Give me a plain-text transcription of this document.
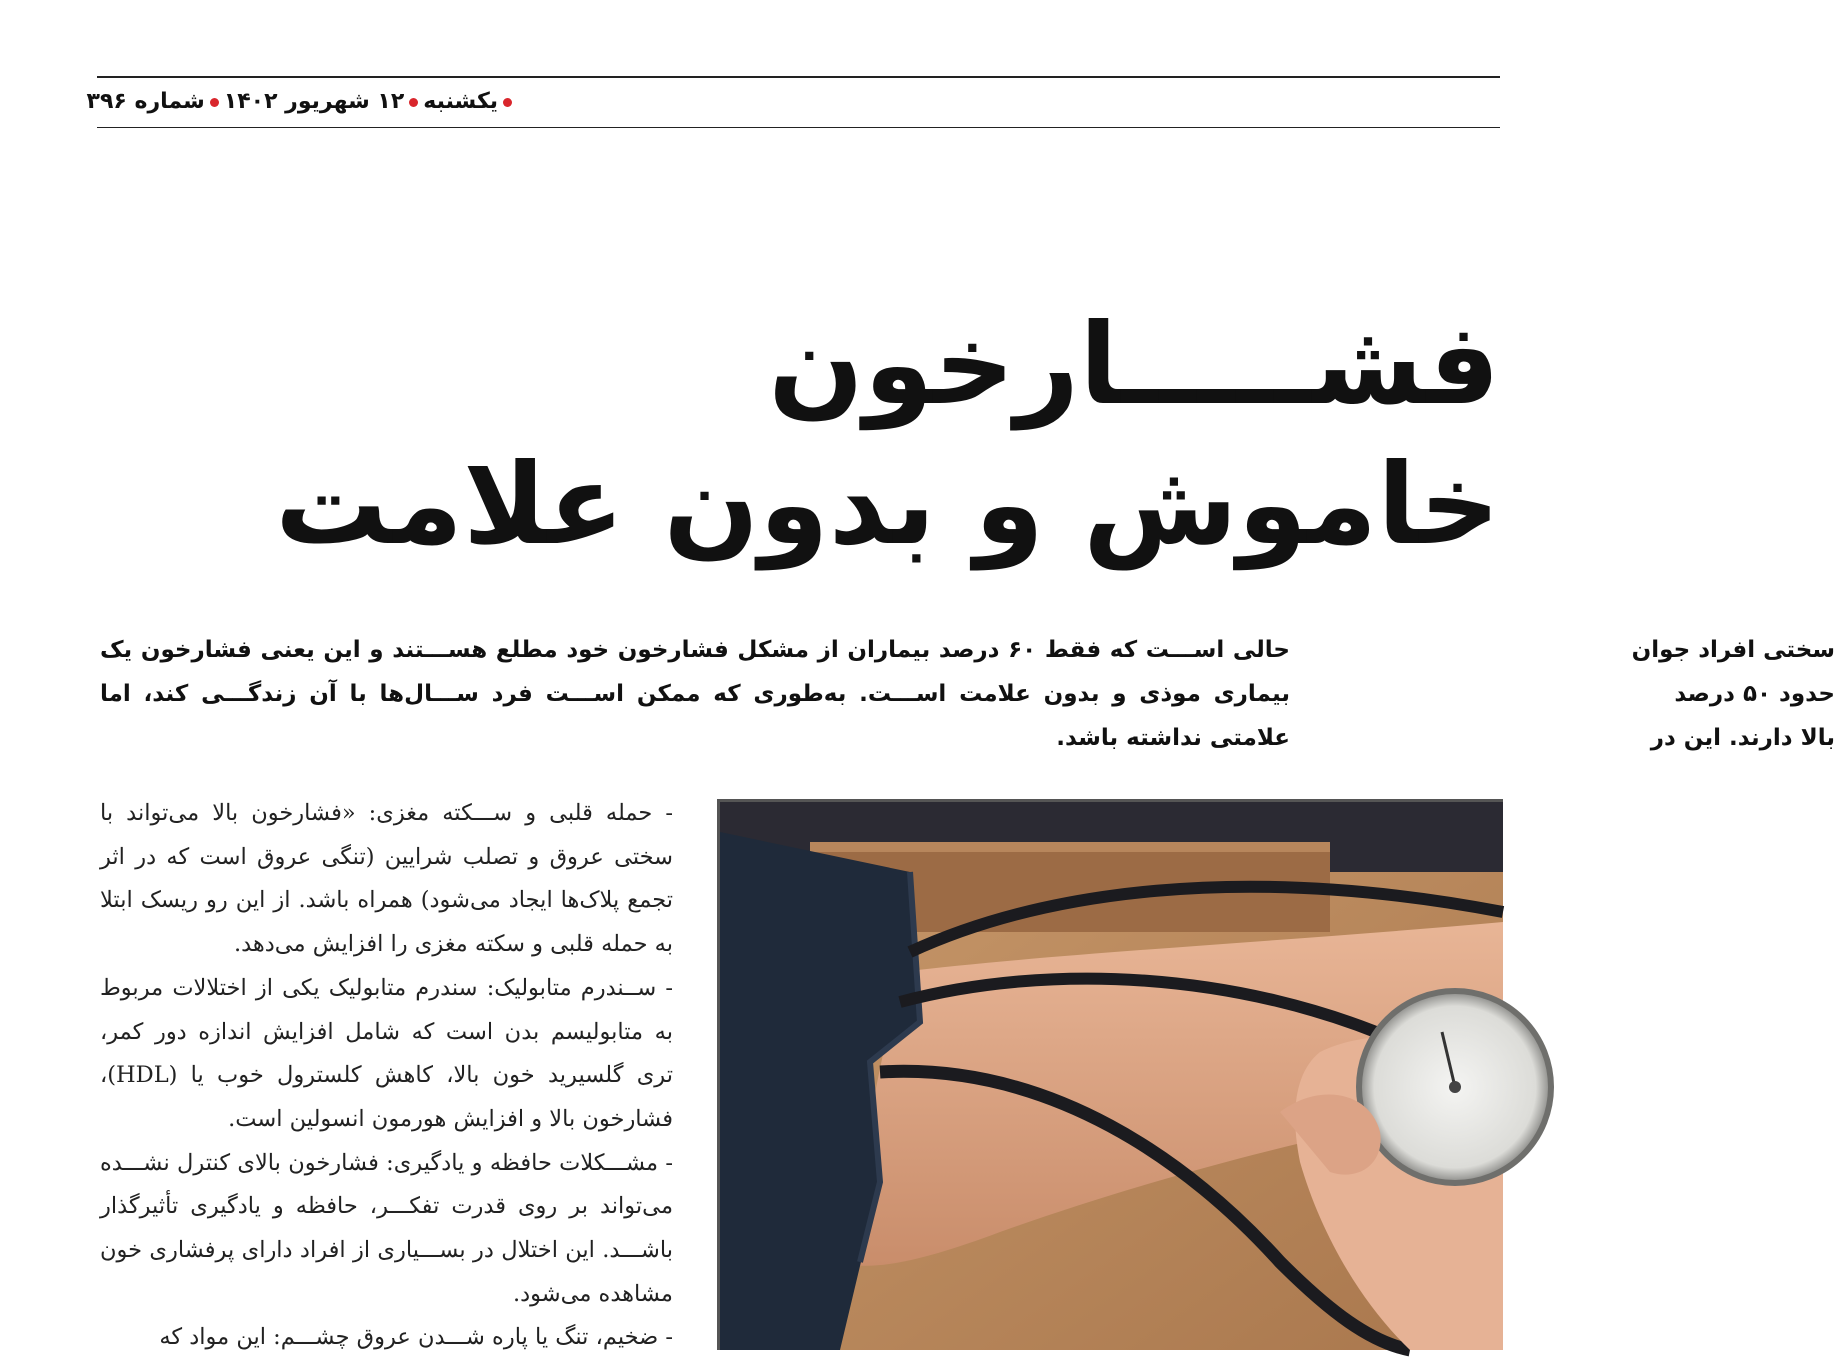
یکشنبه۱۲ شهریور ۱۴۰۲شماره ۳۹۶
فشـــــارخون
خاموش و بدون علامت
حالی اســـت که فقط ۶۰ درصد بیماران از مشکل فشارخون خود مطلع هســـتند و این یعنی فشارخون یک بیماری موذی و بدون علامت اســـت. به‌طوری که ممکن اســـت فرد ســـال‌ها با آن زندگـــی کند، اما علامتی نداشته باشد.
سختی افراد جوان
حدود ۵۰ درصد
بالا دارند. این در

- حمله قلبی و ســـکته مغزی: «فشارخون بالا می‌تواند با سختی عروق و تصلب شرایین (تنگی عروق است که در اثر تجمع پلاک‌ها ایجاد می‌شود) همراه باشد. از این رو ریسک ابتلا به حمله قلبی و سکته مغزی را افزایش می‌دهد.

- ســندرم متابولیک: سندرم متابولیک یکی از اختلالات مربوط به متابولیسم بدن است که شامل افزایش اندازه دور کمر، تری گلسیرید خون بالا، کاهش کلسترول خوب یا (HDL)، فشارخون بالا و افزایش هورمون انسولین است.

- مشـــکلات حافظه و یادگیری: فشارخون بالای کنترل نشـــده می‌تواند بر روی قدرت تفکـــر، حافظه و یادگیری تأثیرگذار باشـــد. این اختلال در بســـیاری از افراد دارای پرفشاری خون مشاهده می‌شود.

- ضخیم، تنگ یا پاره شـــدن عروق چشـــم: این مواد که
